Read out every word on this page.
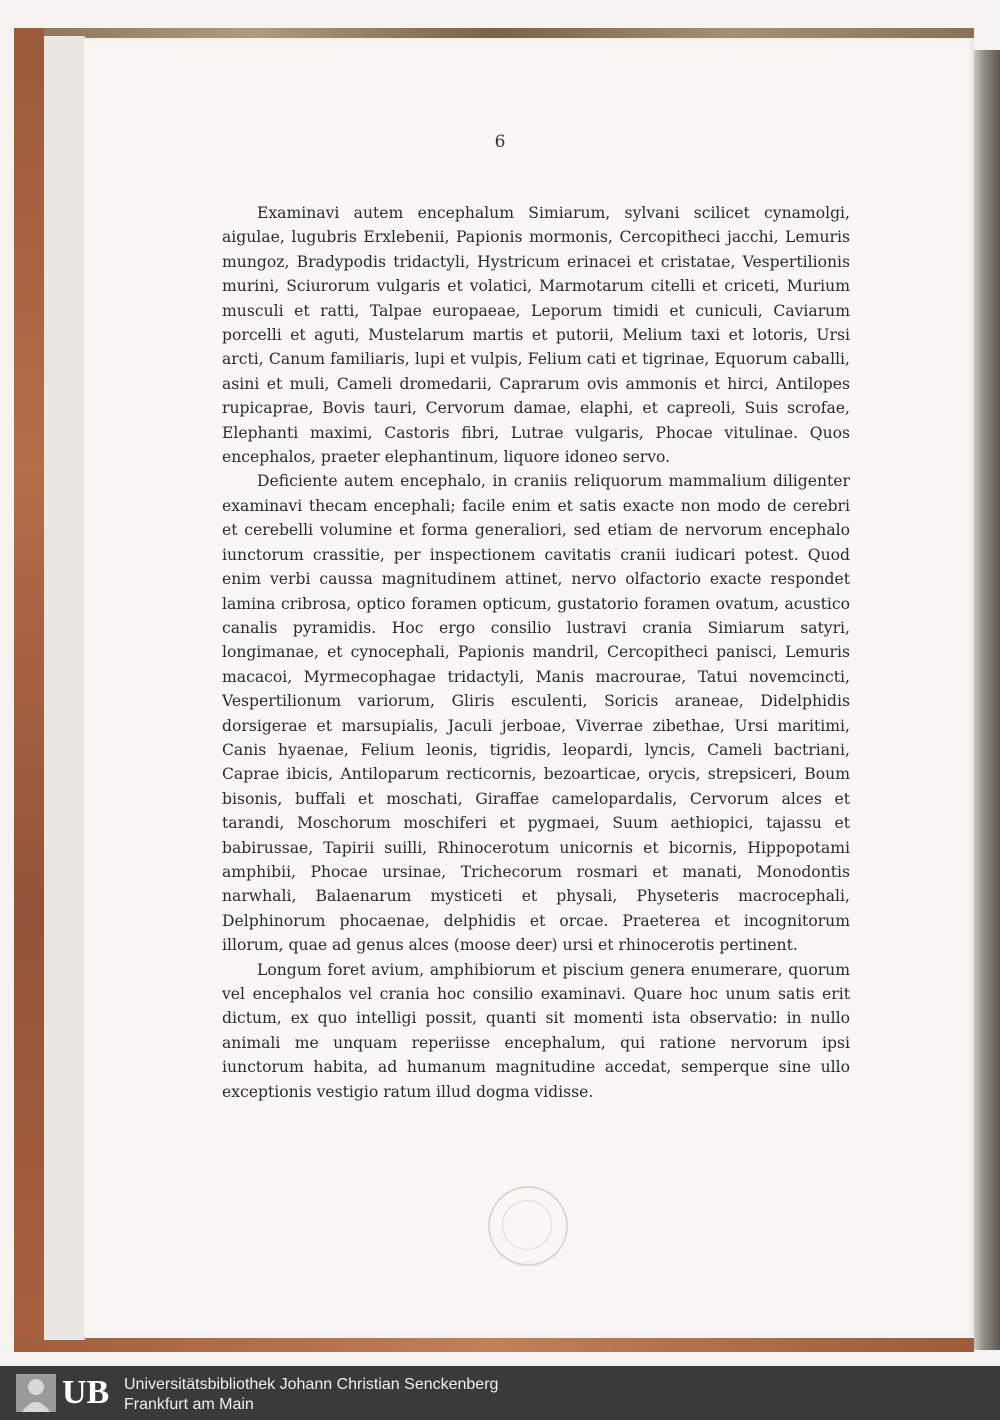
6

Examinavi autem encephalum Simiarum, sylvani scilicet cynamolgi, aigulae, lugubris Erxlebenii, Papionis mormonis, Cercopitheci jacchi, Lemuris mungoz, Bradypodis tridactyli, Hystricum erinacei et cristatae, Vespertilionis murini, Sciurorum vulgaris et volatici, Marmotarum citelli et criceti, Murium musculi et ratti, Talpae europaeae, Leporum timidi et cuniculi, Caviarum porcelli et aguti, Mustelarum martis et putorii, Melium taxi et lotoris, Ursi arcti, Canum familiaris, lupi et vulpis, Felium cati et tigrinae, Equorum caballi, asini et muli, Cameli dromedarii, Caprarum ovis ammonis et hirci, Antilopes rupicaprae, Bovis tauri, Cervorum damae, elaphi, et capreoli, Suis scrofae, Elephanti maximi, Castoris fibri, Lutrae vulgaris, Phocae vitulinae. Quos encephalos, praeter elephantinum, liquore idoneo servo.

Deficiente autem encephalo, in craniis reliquorum mammalium diligenter examinavi thecam encephali; facile enim et satis exacte non modo de cerebri et cerebelli volumine et forma generaliori, sed etiam de nervorum encephalo iunctorum crassitie, per inspectionem cavitatis cranii iudicari potest. Quod enim verbi caussa magnitudinem attinet, nervo olfactorio exacte respondet lamina cribrosa, optico foramen opticum, gustatorio foramen ovatum, acustico canalis pyramidis. Hoc ergo consilio lustravi crania Simiarum satyri, longimanae, et cynocephali, Papionis mandril, Cercopitheci panisci, Lemuris macacoi, Myrmecophagae tridactyli, Manis macrourae, Tatui novemcincti, Vespertilionum variorum, Gliris esculenti, Soricis araneae, Didelphidis dorsigerae et marsupialis, Jaculi jerboae, Viverrae zibethae, Ursi maritimi, Canis hyaenae, Felium leonis, tigridis, leopardi, lyncis, Cameli bactriani, Caprae ibicis, Antiloparum recticornis, bezoarticae, orycis, strepsiceri, Boum bisonis, buffali et moschati, Giraffae camelopardalis, Cervorum alces et tarandi, Moschorum moschiferi et pygmaei, Suum aethiopici, tajassu et babirussae, Tapirii suilli, Rhinocerotum unicornis et bicornis, Hippopotami amphibii, Phocae ursinae, Trichecorum rosmari et manati, Monodontis narwhali, Balaenarum mysticeti et physali, Physeteris macrocephali, Delphinorum phocaenae, delphidis et orcae. Praeterea et incognitorum illorum, quae ad genus alces (moose deer) ursi et rhinocerotis pertinent.

Longum foret avium, amphibiorum et piscium genera enumerare, quorum vel encephalos vel crania hoc consilio examinavi. Quare hoc unum satis erit dictum, ex quo intelligi possit, quanti sit momenti ista observatio: in nullo animali me unquam reperiisse encephalum, qui ratione nervorum ipsi iunctorum habita, ad humanum magnitudine accedat, semperque sine ullo exceptionis vestigio ratum illud dogma vidisse.

UB Universitätsbibliothek Johann Christian Senckenberg
Frankfurt am Main
